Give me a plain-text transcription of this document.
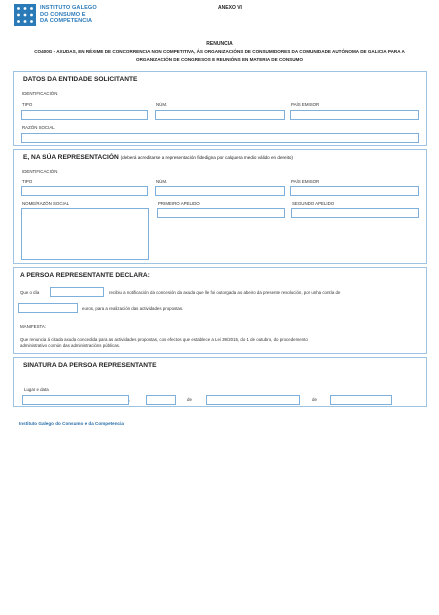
INSTITUTO GALEGO
DO CONSUMO E
DA COMPETENCIA
ANEXO VI
RENUNCIA
CO400G - AXUDAS, EN RÉXIME DE CONCORRENCIA NON COMPETITIVA, ÁS ORGANIZACIÓNS DE CONSUMIDORES DA COMUNIDADE AUTÓNOMA DE GALICIA PARA A
ORGANIZACIÓN DE CONGRESOS E REUNIÓNS EN MATERIA DE CONSUMO
DATOS DA ENTIDADE SOLICITANTE
IDENTIFICACIÓN
TIPO	NÚM.	PAÍS EMISOR
RAZÓN SOCIAL
E, NA SÚA REPRESENTACIÓN (deberá acreditarse a representación fidedigna por calquera medio válido en dereito)
IDENTIFICACIÓN
TIPO	NÚM.	PAÍS EMISOR
NOME/RAZÓN SOCIAL	PRIMEIRO APELIDO	SEGUNDO APELIDO
A PERSOA REPRESENTANTE DECLARA:
Que o día	recibiu a notificación da concesión da axuda que lle foi outorgada ao abeiro da presente resolución, por unha contía de
euros, para a realización das actividades propostas.
MANIFESTA:
Que renuncia á citada axuda concedida para as actividades propostas, cos efectos que establece a Lei 39/2015, do 1 de outubro, do procedemento
administrativo común das administracións públicas.
SINATURA DA PERSOA REPRESENTANTE
Lugar e data
,	de	de
Instituto Galego do Consumo e da Competencia
